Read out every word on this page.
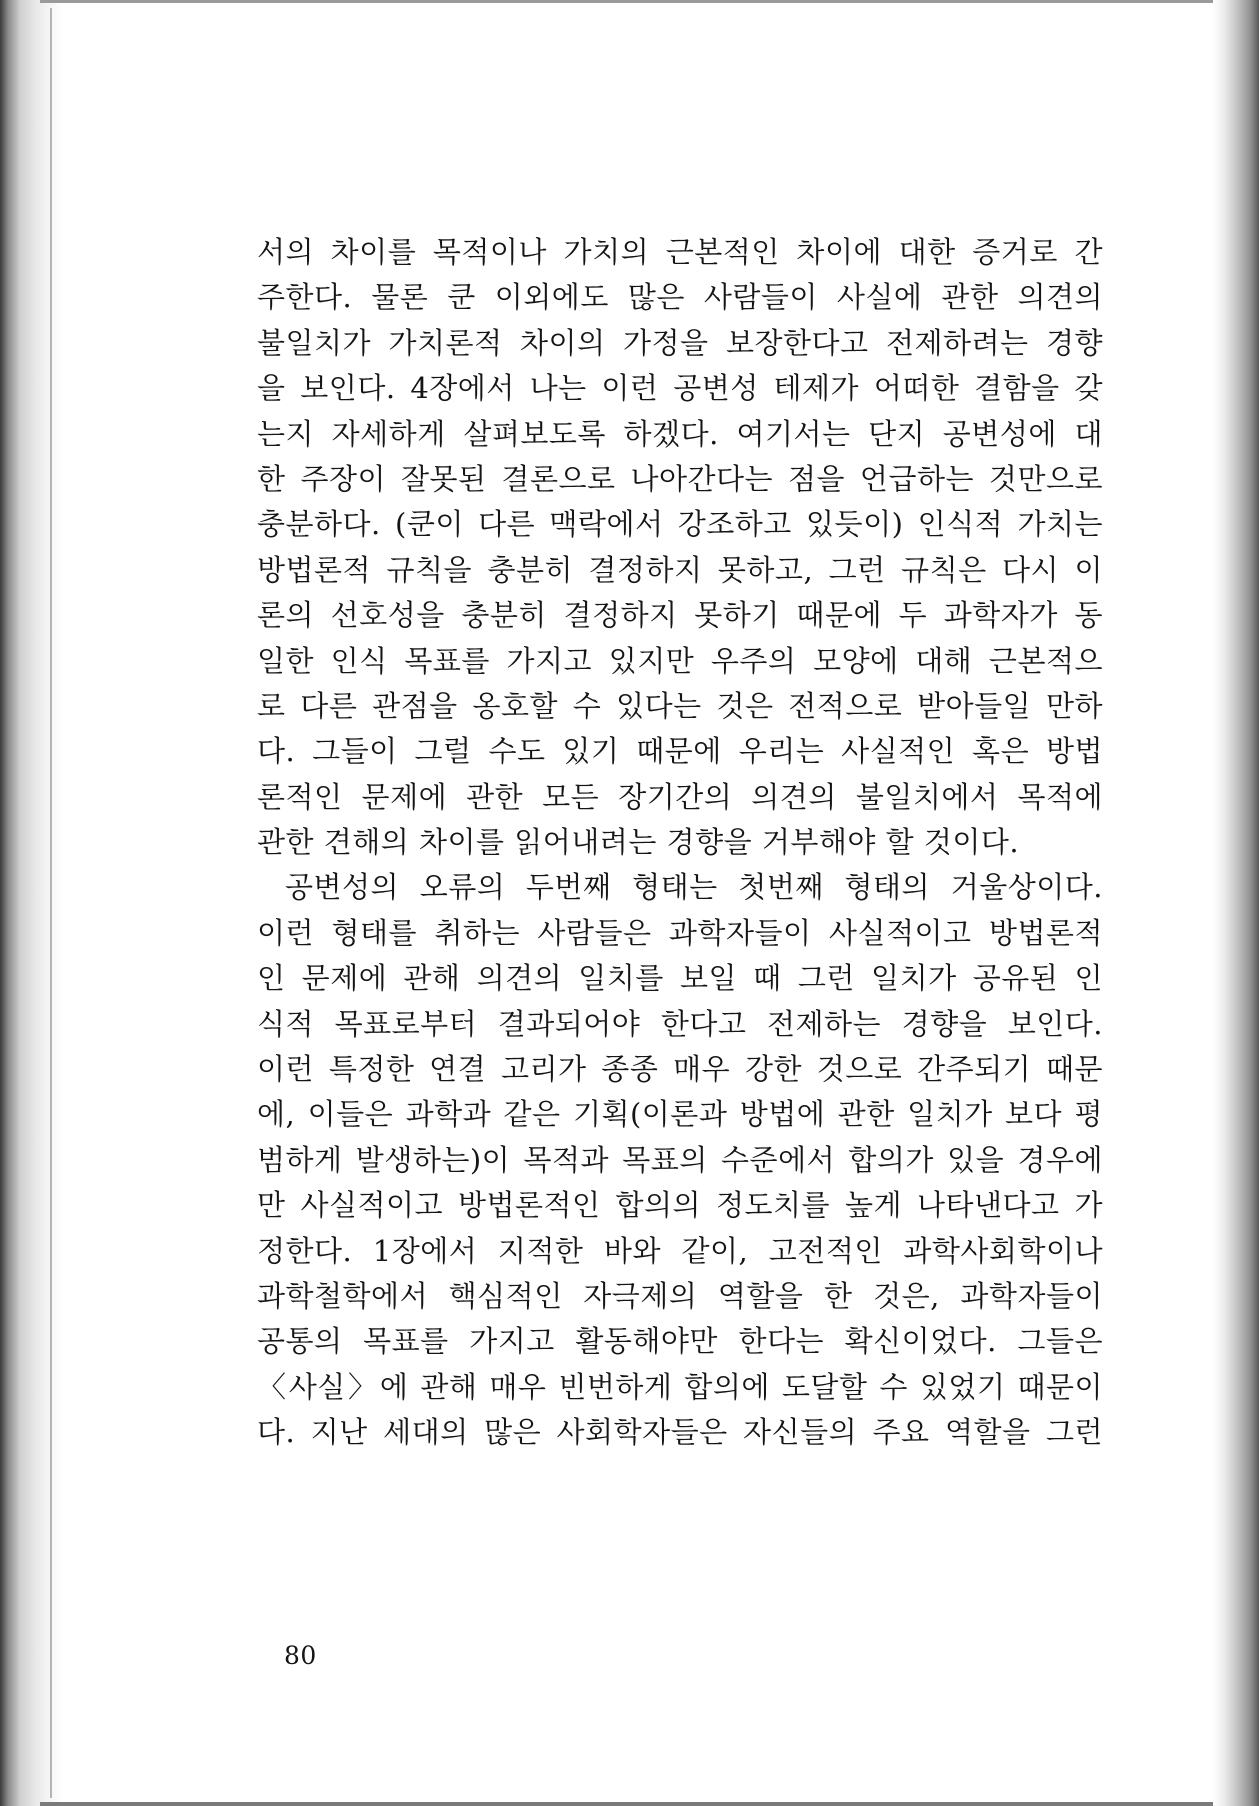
서의 차이를 목적이나 가치의 근본적인 차이에 대한 증거로 간
주한다. 물론 쿤 이외에도 많은 사람들이 사실에 관한 의견의
불일치가 가치론적 차이의 가정을 보장한다고 전제하려는 경향
을 보인다. 4장에서 나는 이런 공변성 테제가 어떠한 결함을 갖
는지 자세하게 살펴보도록 하겠다. 여기서는 단지 공변성에 대
한 주장이 잘못된 결론으로 나아간다는 점을 언급하는 것만으로
충분하다. (쿤이 다른 맥락에서 강조하고 있듯이) 인식적 가치는
방법론적 규칙을 충분히 결정하지 못하고, 그런 규칙은 다시 이
론의 선호성을 충분히 결정하지 못하기 때문에 두 과학자가 동
일한 인식 목표를 가지고 있지만 우주의 모양에 대해 근본적으
로 다른 관점을 옹호할 수 있다는 것은 전적으로 받아들일 만하
다. 그들이 그럴 수도 있기 때문에 우리는 사실적인 혹은 방법
론적인 문제에 관한 모든 장기간의 의견의 불일치에서 목적에
관한 견해의 차이를 읽어내려는 경향을 거부해야 할 것이다.
공변성의 오류의 두번째 형태는 첫번째 형태의 거울상이다.
이런 형태를 취하는 사람들은 과학자들이 사실적이고 방법론적
인 문제에 관해 의견의 일치를 보일 때 그런 일치가 공유된 인
식적 목표로부터 결과되어야 한다고 전제하는 경향을 보인다.
이런 특정한 연결 고리가 종종 매우 강한 것으로 간주되기 때문
에, 이들은 과학과 같은 기획(이론과 방법에 관한 일치가 보다 평
범하게 발생하는)이 목적과 목표의 수준에서 합의가 있을 경우에
만 사실적이고 방법론적인 합의의 정도치를 높게 나타낸다고 가
정한다. 1장에서 지적한 바와 같이, 고전적인 과학사회학이나
과학철학에서 핵심적인 자극제의 역할을 한 것은, 과학자들이
공통의 목표를 가지고 활동해야만 한다는 확신이었다. 그들은
〈사실〉에 관해 매우 빈번하게 합의에 도달할 수 있었기 때문이
다. 지난 세대의 많은 사회학자들은 자신들의 주요 역할을 그런
80
